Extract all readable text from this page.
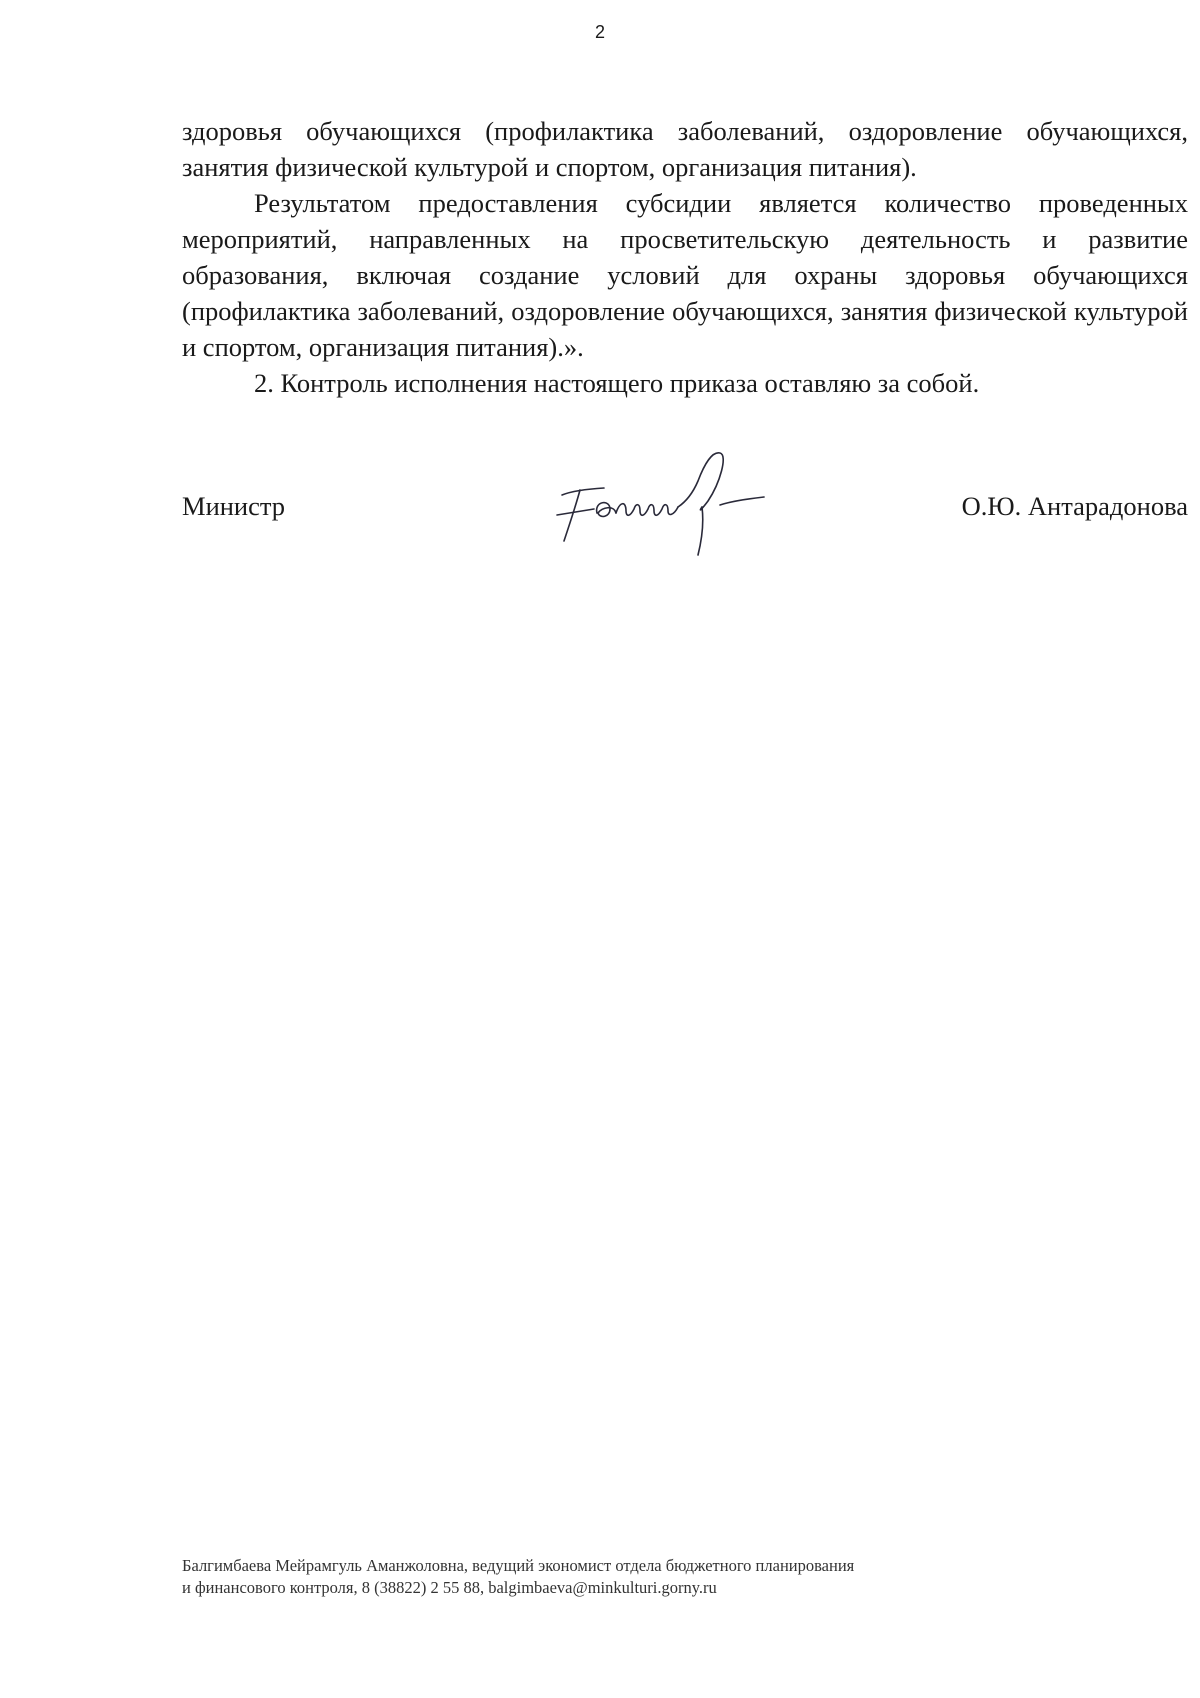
2

здоровья обучающихся (профилактика заболеваний, оздоровление обучающихся, занятия физической культурой и спортом, организация питания).

Результатом предоставления субсидии является количество проведенных мероприятий, направленных на просветительскую деятельность и развитие образования, включая создание условий для охраны здоровья обучающихся (профилактика заболеваний, оздоровление обучающихся, занятия физической культурой и спортом, организация питания).».

2. Контроль исполнения настоящего приказа оставляю за собой.

Министр	О.Ю. Антарадонова
Балгимбаева Мейрамгуль Аманжоловна, ведущий экономист отдела бюджетного планирования
и финансового контроля, 8 (38822) 2 55 88, balgimbaeva@minkulturi.gorny.ru
